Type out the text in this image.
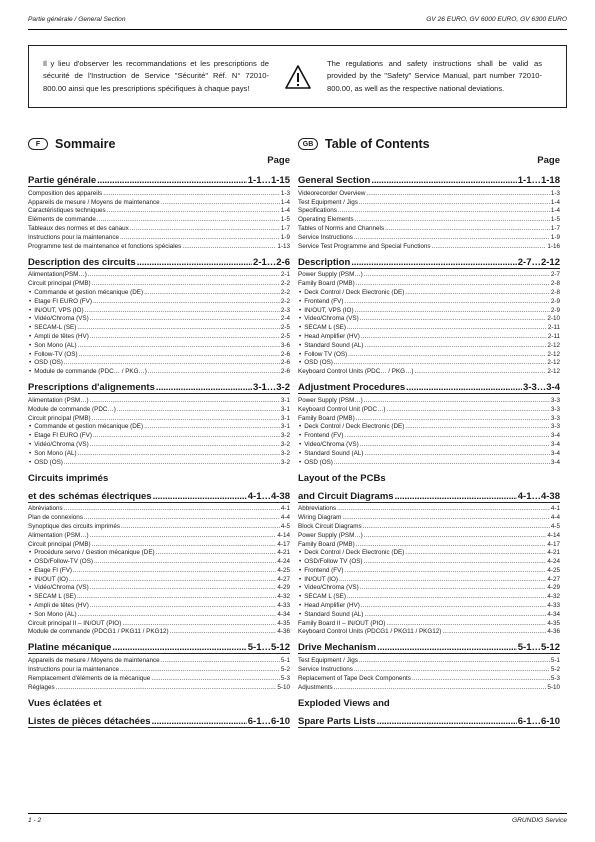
Partie générale / General Section	GV 26 EURO, GV 6000 EURO, GV 6300 EURO
Il y lieu d'observer les recommandations et les prescriptions de sécurité de l'Instruction de Service "Sécurité" Réf. N° 72010-800.00 ainsi que les prescriptions spécifiques à chaque pays!
The regulations and safety instructions shall be valid as provided by the "Safety" Service Manual, part number 72010-800.00, as well as the respective national deviations.
F	Sommaire
Page
Partie générale . . .	1-1…1-15
Composition des appareils . . .	1-3
Appareils de mesure / Moyens de maintenance . . .	1-4
Caractéristiques techniques . . .	1-4
Eléments de commande . . .	1-5
Tableaux des normes et des canaux . . .	1-7
Instructions pour la maintenance . . .	1-9
Programme test de maintenance et fonctions spéciales . . .	1-13
Description des circuits . . .	2-1…2-6
Alimentation(PSM…) . . .	2-1
Circuit principal (PMB) . . .	2-2
• Commande et gestion mécanique (DE) . . .	2-2
• Etage FI EURO (FV) . . .	2-2
• IN/OUT, VPS (IO) . . .	2-3
• Vidéo/Chroma (VS) . . .	2-4
• SECAM-L (SE) . . .	2-5
• Ampli de têtes (HV) . . .	2-5
• Son Mono (AL) . . .	3-6
• Follow-TV (OS) . . .	2-6
• OSD (OS) . . .	2-6
• Module de commande (PDC… / PKG…) . . .	2-6
Prescriptions d'alignements . . .	3-1…3-2
Alimentation (PSM…) . . .	3-1
Module de commande (PDC…) . . .	3-1
Circuit principal (PMB) . . .	3-1
• Commande et gestion mécanique (DE) . . .	3-1
• Etage FI EURO (FV) . . .	3-2
• Vidéo/Chroma (VS) . . .	3-2
• Son Mono (AL) . . .	3-2
• OSD (OS) . . .	3-2
Circuits imprimés
et des schémas électriques . . .	4-1…4-38
Abréviations . . .	4-1
Plan de connexions . . .	4-4
Synoptique des circuits imprimés . . .	4-5
Alimentation (PSM…) . . .	4-14
Circuit principal (PMB) . . .	4-17
• Procédure servo / Gestion mécanique (DE) . . .	4-21
• OSD/Follow-TV (OS) . . .	4-24
• Etage FI (FV) . . .	4-25
• IN/OUT (IO) . . .	4-27
• Vidéo/Chroma (VS) . . .	4-29
• SECAM L (SE) . . .	4-32
• Ampli de têtes (HV) . . .	4-33
• Son Mono (AL) . . .	4-34
Circuit principal II – IN/OUT (PIO) . . .	4-35
Module de commande (PDCG1 / PKG11 / PKG12) . . .	4-36
Platine mécanique . . .	5-1…5-12
Appareils de mesure / Moyens de maintenance . . .	5-1
Instructions pour la maintenance . . .	5-2
Remplacement d'éléments de la mécanique . . .	5-3
Réglages . . .	5-10
Vues éclatées et
Listes de pièces détachées . . .	6-1…6-10
GB Table of Contents
Page
General Section . . .	1-1…1-18
Videorecorder Overview . . .	1-3
Test Equipment / Jigs . . .	1-4
Specifications . . .	1-4
Operating Elements . . .	1-5
Tables of Norms and Channels . . .	1-7
Service Instructions . . .	1-9
Service Test Programme and Special Functions . . .	1-16
Description . . .	2-7…2-12
Power Supply (PSM…) . . .	2-7
Family Board (PMB) . . .	2-8
• Deck Control / Deck Electronic (DE) . . .	2-8
• Frontend (FV) . . .	2-9
• IN/OUT, VPS (IO) . . .	2-9
• Video/Chroma (VS) . . .	2-10
• SECAM L (SE) . . .	2-11
• Head Amplifier (HV) . . .	2-11
• Standard Sound (AL) . . .	2-12
• Follow TV (OS) . . .	2-12
• OSD (OS) . . .	2-12
Keyboard Control Units (PDC… / PKG…) . . .	2-12
Adjustment Procedures . . .	3-3…3-4
Power Supply (PSM…) . . .	3-3
Keyboard Control Unit (PDC…) . . .	3-3
Family Board (PMB) . . .	3-3
• Deck Control / Deck Electronic (DE) . . .	3-3
• Frontend (FV) . . .	3-4
• Video/Chroma (VS) . . .	3-4
• Standard Sound (AL) . . .	3-4
• OSD (OS) . . .	3-4
Layout of the PCBs
and Circuit Diagrams . . .	4-1…4-38
Abbreviations . . .	4-1
Wiring Diagram . . .	4-4
Block Circuit Diagrams . . .	4-5
Power Supply (PSM…) . . .	4-14
Family Board (PMB) . . .	4-17
• Deck Control / Deck Electronic (DE) . . .	4-21
• OSD/Follow TV (OS) . . .	4-24
• Frontend (FV) . . .	4-25
• IN/OUT (IO) . . .	4-27
• Video/Chroma (VS) . . .	4-29
• SECAM L (SE) . . .	4-32
• Head Amplifier (HV) . . .	4-33
• Standard Sound (AL) . . .	4-34
Family Board II – IN/OUT (PIO) . . .	4-35
Keyboard Control Units (PDCG1 / PKG11 / PKG12) . . .	4-36
Drive Mechanism . . .	5-1…5-12
Test Equipment / Jigs . . .	5-1
Service Instructions . . .	5-2
Replacement of Tape Deck Components . . .	5-3
Adjustments . . .	5-10
Exploded Views and
Spare Parts Lists . . .	6-1…6-10
1 - 2	GRUNDIG Service
